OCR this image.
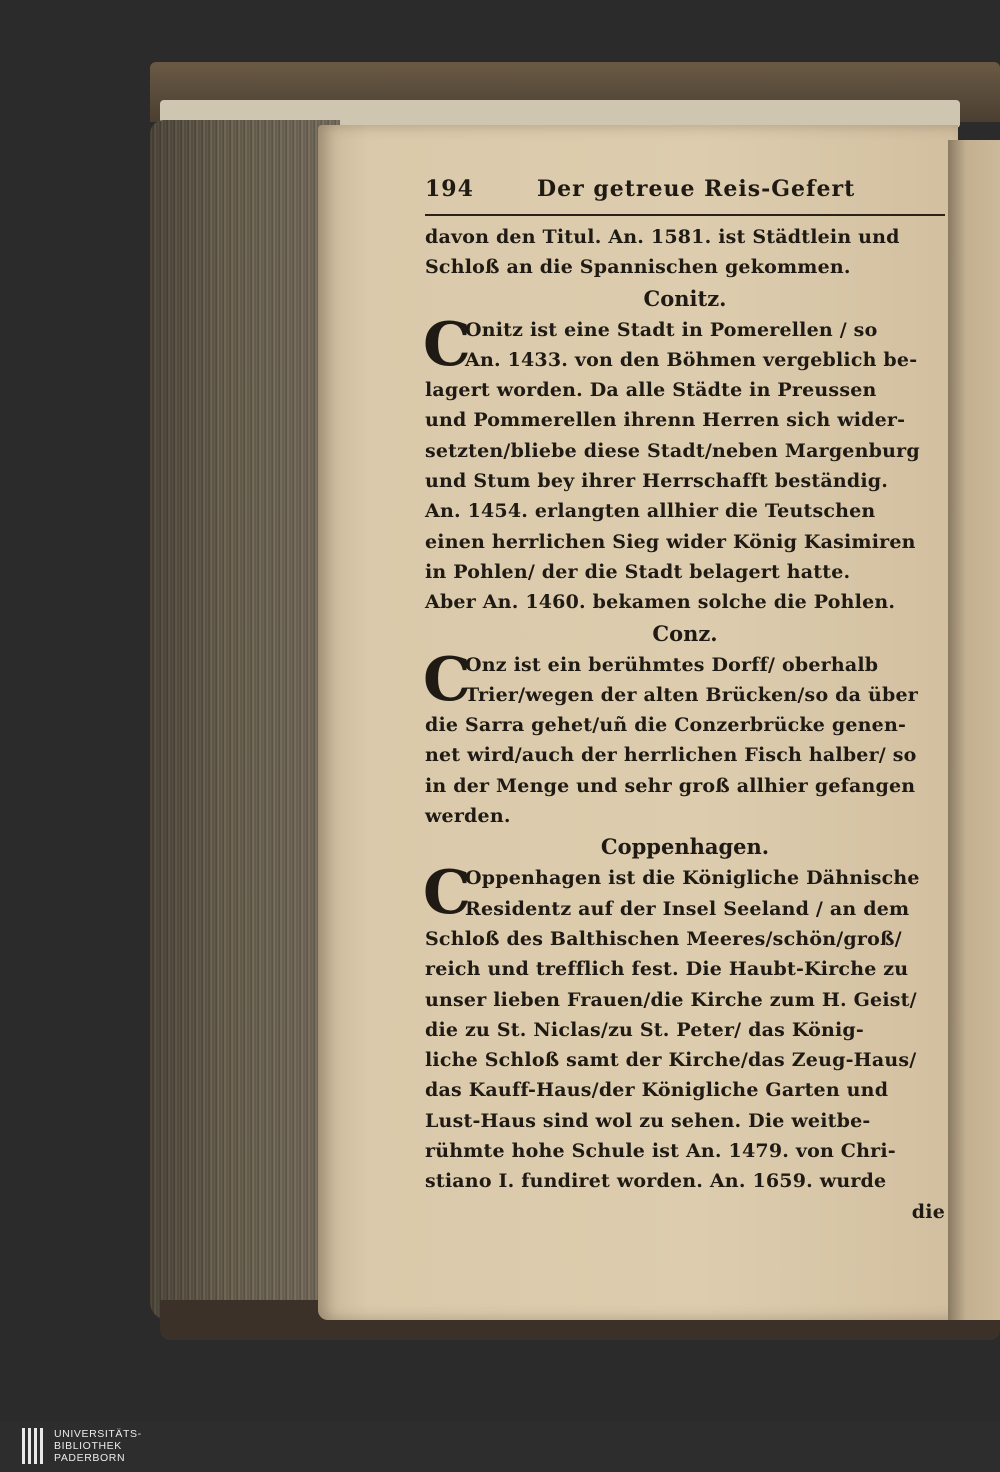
194	Der getreue Reis-Gefert
davon den Titul. An. 1581. ist Städtlein und
Schloß an die Spannischen gekommen.
Conitz.
C
Onitz ist eine Stadt in Pomerellen / so
An. 1433. von den Böhmen vergeblich be-
lagert worden. Da alle Städte in Preussen
und Pommerellen ihrenn Herren sich wider-
setzten/bliebe diese Stadt/neben Margenburg
und Stum bey ihrer Herrschafft beständig.
An. 1454. erlangten allhier die Teutschen
einen herrlichen Sieg wider König Kasimiren
in Pohlen/ der die Stadt belagert hatte.
Aber An. 1460. bekamen solche die Pohlen.
Conz.
C
Onz ist ein berühmtes Dorff/ oberhalb
Trier/wegen der alten Brücken/so da über
die Sarra gehet/uñ die Conzerbrücke genen-
net wird/auch der herrlichen Fisch halber/ so
in der Menge und sehr groß allhier gefangen
werden.
Coppenhagen.
C
Oppenhagen ist die Königliche Dähnische
Residentz auf der Insel Seeland / an dem
Schloß des Balthischen Meeres/schön/groß/
reich und trefflich fest. Die Haubt-Kirche zu
unser lieben Frauen/die Kirche zum H. Geist/
die zu St. Niclas/zu St. Peter/ das König-
liche Schloß samt der Kirche/das Zeug-Haus/
das Kauff-Haus/der Königliche Garten und
Lust-Haus sind wol zu sehen. Die weitbe-
rühmte hohe Schule ist An. 1479. von Chri-
stiano I. fundiret worden. An. 1659. wurde
die
UNIVERSITÄTS-
BIBLIOTHEK
PADERBORN
